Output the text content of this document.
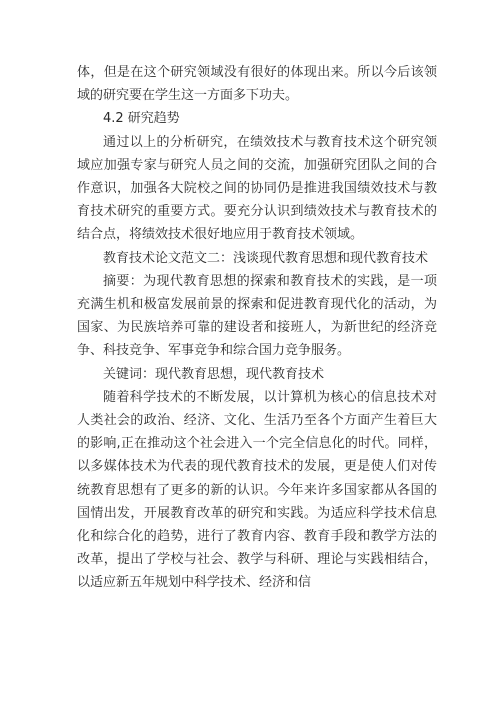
体，但是在这个研究领域没有很好的体现出来。所以今后该领域的研究要在学生这一方面多下功夫。

4.2 研究趋势

通过以上的分析研究，在绩效技术与教育技术这个研究领域应加强专家与研究人员之间的交流，加强研究团队之间的合作意识，加强各大院校之间的协同仍是推进我国绩效技术与教育技术研究的重要方式。要充分认识到绩效技术与教育技术的结合点，将绩效技术很好地应用于教育技术领域。

教育技术论文范文二：浅谈现代教育思想和现代教育技术

摘要：为现代教育思想的探索和教育技术的实践，是一项充满生机和极富发展前景的探索和促进教育现代化的活动，为国家、为民族培养可靠的建设者和接班人，为新世纪的经济竞争、科技竞争、军事竞争和综合国力竞争服务。

关键词：现代教育思想，现代教育技术

随着科学技术的不断发展，以计算机为核心的信息技术对人类社会的政治、经济、文化、生活乃至各个方面产生着巨大的影响,正在推动这个社会进入一个完全信息化的时代。同样，以多媒体技术为代表的现代教育技术的发展，更是使人们对传统教育思想有了更多的新的认识。今年来许多国家都从各国的国情出发，开展教育改革的研究和实践。为适应科学技术信息化和综合化的趋势，进行了教育内容、教育手段和教学方法的改革，提出了学校与社会、教学与科研、理论与实践相结合，以适应新五年规划中科学技术、经济和信
